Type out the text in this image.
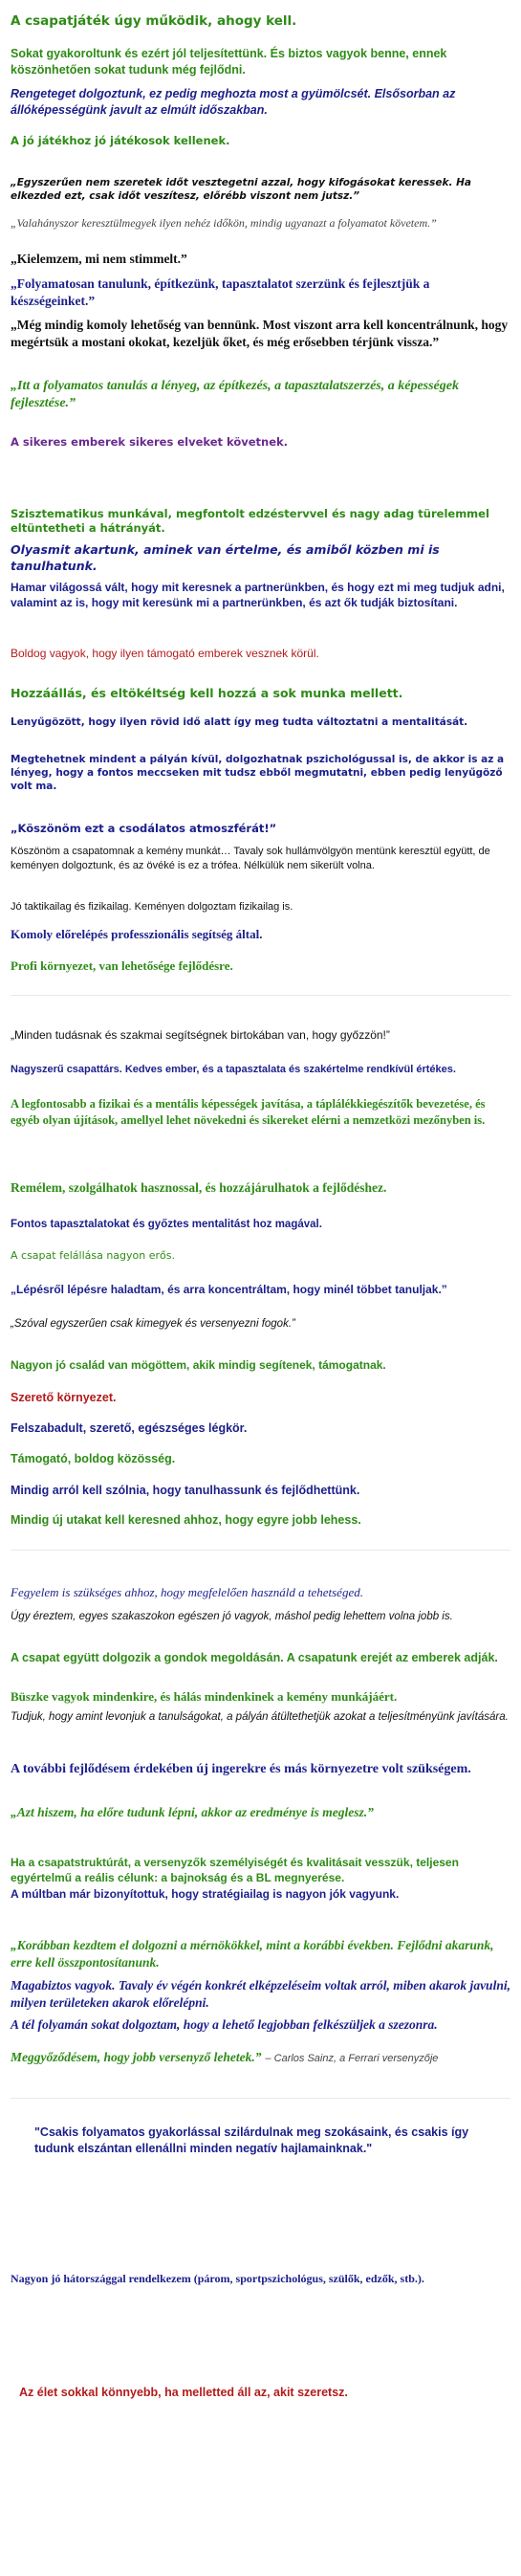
A csapatjáték úgy működik, ahogy kell.

Sokat gyakoroltunk és ezért jól teljesítettünk. És biztos vagyok benne, ennek köszönhetően sokat tudunk még fejlődni.

Rengeteget dolgoztunk, ez pedig meghozta most a gyümölcsét. Elsősorban az állóképességünk javult az elmúlt időszakban.

A jó játékhoz jó játékosok kellenek.

„Egyszerűen nem szeretek időt vesztegetni azzal, hogy kifogásokat keressek. Ha elkezded ezt, csak időt veszítesz, előrébb viszont nem jutsz.”

„Valahányszor keresztülmegyek ilyen nehéz időkön, mindig ugyanazt a folyamatot követem.”

„Kielemzem, mi nem stimmelt.”

„Folyamatosan tanulunk, építkezünk, tapasztalatot szerzünk és fejlesztjük a készségeinket.”

„Még mindig komoly lehetőség van bennünk. Most viszont arra kell koncentrálnunk, hogy megértsük a mostani okokat, kezeljük őket, és még erősebben térjünk vissza.”

„Itt a folyamatos tanulás a lényeg, az építkezés, a tapasztalatszerzés, a képességek fejlesztése.”

A sikeres emberek sikeres elveket követnek.

Szisztematikus munkával, megfontolt edzéstervvel és nagy adag türelemmel eltüntetheti a hátrányát.

Olyasmit akartunk, aminek van értelme, és amiből közben mi is tanulhatunk.

Hamar világossá vált, hogy mit keresnek a partnerünkben, és hogy ezt mi meg tudjuk adni, valamint az is, hogy mit keresünk mi a partnerünkben, és azt ők tudják biztosítani.

Boldog vagyok, hogy ilyen támogató emberek vesznek körül.

Hozzáállás, és eltökéltség kell hozzá a sok munka mellett.

Lenyűgözött, hogy ilyen rövid idő alatt így meg tudta változtatni a mentalitását.

Megtehetnek mindent a pályán kívül, dolgozhatnak pszichológussal is, de akkor is az a lényeg, hogy a fontos meccseken mit tudsz ebből megmutatni, ebben pedig lenyűgöző volt ma.

„Köszönöm ezt a csodálatos atmoszférát!”

Köszönöm a csapatomnak a kemény munkát… Tavaly sok hullámvölgyön mentünk keresztül együtt, de keményen dolgoztunk, és az övéké is ez a trófea. Nélkülük nem sikerült volna.

Jó taktikailag és fizikailag. Keményen dolgoztam fizikailag is.

Komoly előrelépés professzionális segítség által.

Profi környezet, van lehetősége fejlődésre.

„Minden tudásnak és szakmai segítségnek birtokában van, hogy győzzön!”

Nagyszerű csapattárs. Kedves ember, és a tapasztalata és szakértelme rendkívül értékes.

A legfontosabb a fizikai és a mentális képességek javítása, a táplálékkiegészítők bevezetése, és egyéb olyan újítások, amellyel lehet növekedni és sikereket elérni a nemzetközi mezőnyben is.

Remélem, szolgálhatok hasznossal, és hozzájárulhatok a fejlődéshez.

Fontos tapasztalatokat és győztes mentalitást hoz magával.

A csapat felállása nagyon erős.

„Lépésről lépésre haladtam, és arra koncentráltam, hogy minél többet tanuljak.”

„Szóval egyszerűen csak kimegyek és versenyezni fogok.”

Nagyon jó család van mögöttem, akik mindig segítenek, támogatnak.

Szerető környezet.

Felszabadult, szerető, egészséges légkör.

Támogató, boldog közösség.

Mindig arról kell szólnia, hogy tanulhassunk és fejlődhettünk.

Mindig új utakat kell keresned ahhoz, hogy egyre jobb lehess.

Fegyelem is szükséges ahhoz, hogy megfelelően használd a tehetséged.

Úgy éreztem, egyes szakaszokon egészen jó vagyok, máshol pedig lehettem volna jobb is.

A csapat együtt dolgozik a gondok megoldásán. A csapatunk erejét az emberek adják.

Büszke vagyok mindenkire, és hálás mindenkinek a kemény munkájáért.

Tudjuk, hogy amint levonjuk a tanulságokat, a pályán átültethetjük azokat a teljesítményünk javítására.

A további fejlődésem érdekében új ingerekre és más környezetre volt szükségem.

„Azt hiszem, ha előre tudunk lépni, akkor az eredménye is meglesz.”

Ha a csapatstruktúrát, a versenyzők személyiségét és kvalitásait vesszük, teljesen egyértelmű a reális célunk: a bajnokság és a BL megnyerése.

A múltban már bizonyítottuk, hogy stratégiailag is nagyon jók vagyunk.

„Korábban kezdtem el dolgozni a mérnökökkel, mint a korábbi években. Fejlődni akarunk, erre kell összpontosítanunk.

Magabiztos vagyok. Tavaly év végén konkrét elképzeléseim voltak arról, miben akarok javulni, milyen területeken akarok előrelépni.

A tél folyamán sokat dolgoztam, hogy a lehető legjobban felkészüljek a szezonra.

Meggyőződésem, hogy jobb versenyző lehetek.” – Carlos Sainz, a Ferrari versenyzője

"Csakis folyamatos gyakorlással szilárdulnak meg szokásaink, és csakis így tudunk elszántan ellenállni minden negatív hajlamainknak."

Nagyon jó hátországgal rendelkezem (párom, sportpszichológus, szülők, edzők, stb.).

Az élet sokkal könnyebb, ha melletted áll az, akit szeretsz.
